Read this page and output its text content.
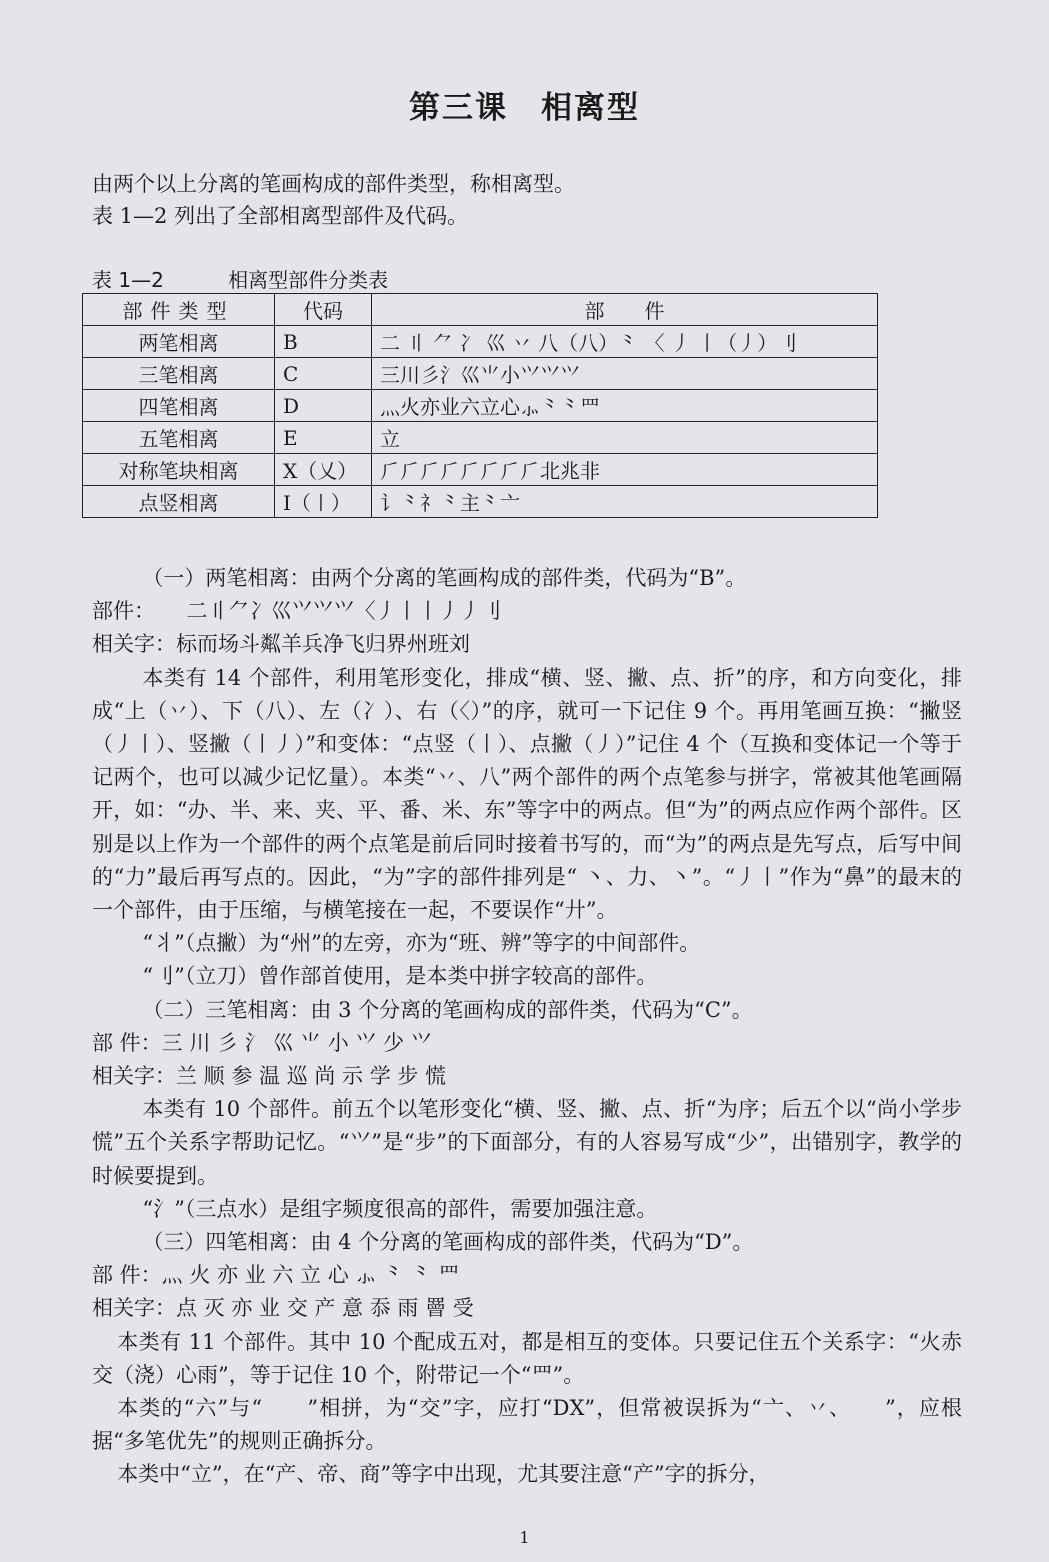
第三课　相离型
由两个以上分离的笔画构成的部件类型，称相离型。
表 1—2 列出了全部相离型部件及代码。
表 1—2	相离型部件分类表
部件类型	代码	部　　件
两笔相离	B	二 〢 ⺈ 冫 巛 丷 八（八）⺀ 〈 丿 丨（丿）刂
三笔相离	C	三川彡氵巛⺌小⺍⺍⺍
四笔相离	D	灬火亦业六立心⺗⺀⺀罒
五笔相离	E	立
对称笔块相离	X（乂）	⺁⺁⺁⺁⺁⺁⺁⺁北兆非
点竖相离	I（〡）	讠⺀礻⺀主⺀亠

（一）两笔相离：由两个分离的笔画构成的部件类，代码为“B”。

部件：　　二〢⺈冫巛⺍⺍⺍〈丿丨丨丿丿刂

相关字：标而场斗粼羊兵净飞归界州班刘

本类有 14 个部件，利用笔形变化，排成“横、竖、撇、点、折”的序，和方向变化，排成“上（丷）、下（八）、左（冫）、右（〈）”的序，就可一下记住 9 个。再用笔画互换：“撇竖（丿丨）、竖撇（丨丿）”和变体：“点竖（丨）、点撇（丿）”记住 4 个（互换和变体记一个等于记两个，也可以减少记忆量）。本类“丷、八”两个部件的两个点笔参与拼字，常被其他笔画隔开，如：“办、半、来、夹、平、番、米、东”等字中的两点。但“为”的两点应作两个部件。区别是以上作为一个部件的两个点笔是前后同时接着书写的，而“为”的两点是先写点，后写中间的“力”最后再写点的。因此，“为”字的部件排列是“ 丶、力、丶”。“丿丨”作为“鼻”的最末的一个部件，由于压缩，与横笔接在一起，不要误作“廾”。

“丬”（点撇）为“州”的左旁，亦为“班、辨”等字的中间部件。

“刂”（立刀）曾作部首使用，是本类中拼字较高的部件。

（二）三笔相离：由 3 个分离的笔画构成的部件类，代码为“C”。

部 件：三 川 彡 氵 巛 ⺌ 小 ⺍ 少 ⺍

相关字：兰 顺 参 温 巡 尚 示 学 步 慌

本类有 10 个部件。前五个以笔形变化“横、竖、撇、点、折“为序；后五个以“尚小学步慌”五个关系字帮助记忆。“⺍”是“步”的下面部分，有的人容易写成“少”，出错别字，教学的时候要提到。

“氵”（三点水）是组字频度很高的部件，需要加强注意。

（三）四笔相离：由 4 个分离的笔画构成的部件类，代码为“D”。

部 件：灬 火 亦 业 六 立 心 ⺗ ⺀ ⺀ 罒

相关字：点 灭 亦 业 交 产 意 忝 雨 罾 受

本类有 11 个部件。其中 10 个配成五对，都是相互的变体。只要记住五个关系字：“火赤交（浇）心雨”，等于记住 10 个，附带记一个“罒”。

本类的“六”与“　　”相拼，为“交”字，应打“DX”，但常被误拆为“亠、丷、　　”，应根据“多笔优先”的规则正确拆分。

本类中“立”，在“产、帝、商”等字中出现，尤其要注意“产”字的拆分，

1
